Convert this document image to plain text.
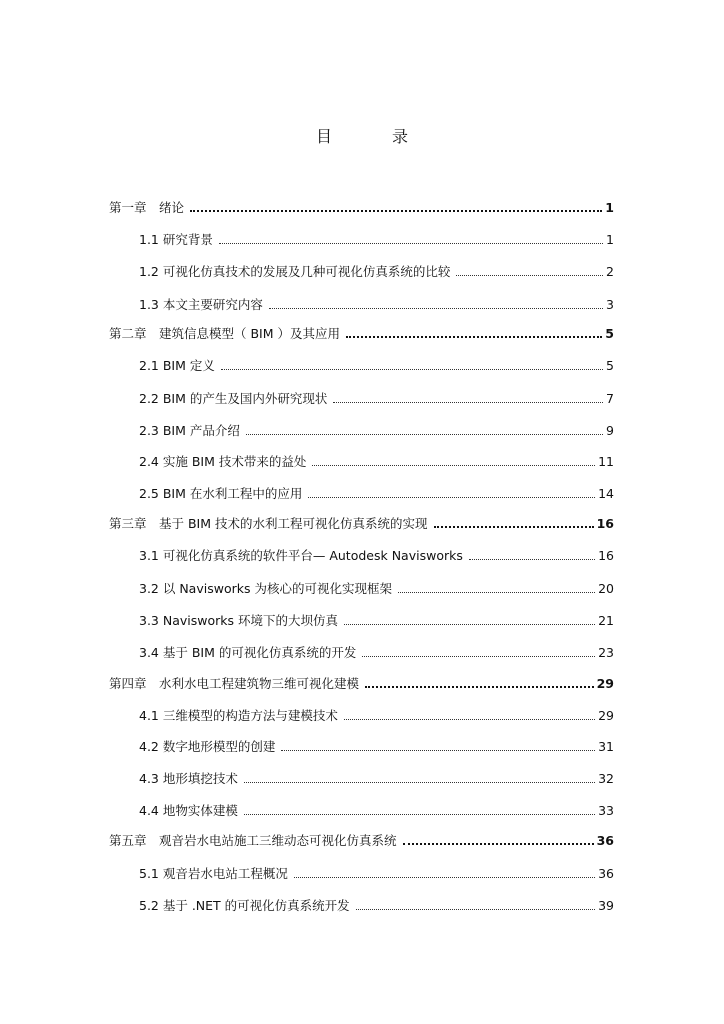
目　录
第一章　绪论	1
1.1 研究背景	1
1.2 可视化仿真技术的发展及几种可视化仿真系统的比较	2
1.3 本文主要研究内容	3
第二章　建筑信息模型（ BIM ）及其应用	5
2.1 BIM 定义	5
2.2 BIM 的产生及国内外研究现状	7
2.3 BIM 产品介绍	9
2.4 实施 BIM 技术带来的益处	11
2.5 BIM 在水利工程中的应用	14
第三章　基于 BIM 技术的水利工程可视化仿真系统的实现	16
3.1 可视化仿真系统的软件平台— Autodesk Navisworks	16
3.2 以 Navisworks 为核心的可视化实现框架	20
3.3 Navisworks 环境下的大坝仿真	21
3.4 基于 BIM 的可视化仿真系统的开发	23
第四章　水利水电工程建筑物三维可视化建模	29
4.1 三维模型的构造方法与建模技术	29
4.2 数字地形模型的创建	31
4.3 地形填挖技术	32
4.4 地物实体建模	33
第五章　观音岩水电站施工三维动态可视化仿真系统	36
5.1 观音岩水电站工程概况	36
5.2 基于 .NET 的可视化仿真系统开发	39
